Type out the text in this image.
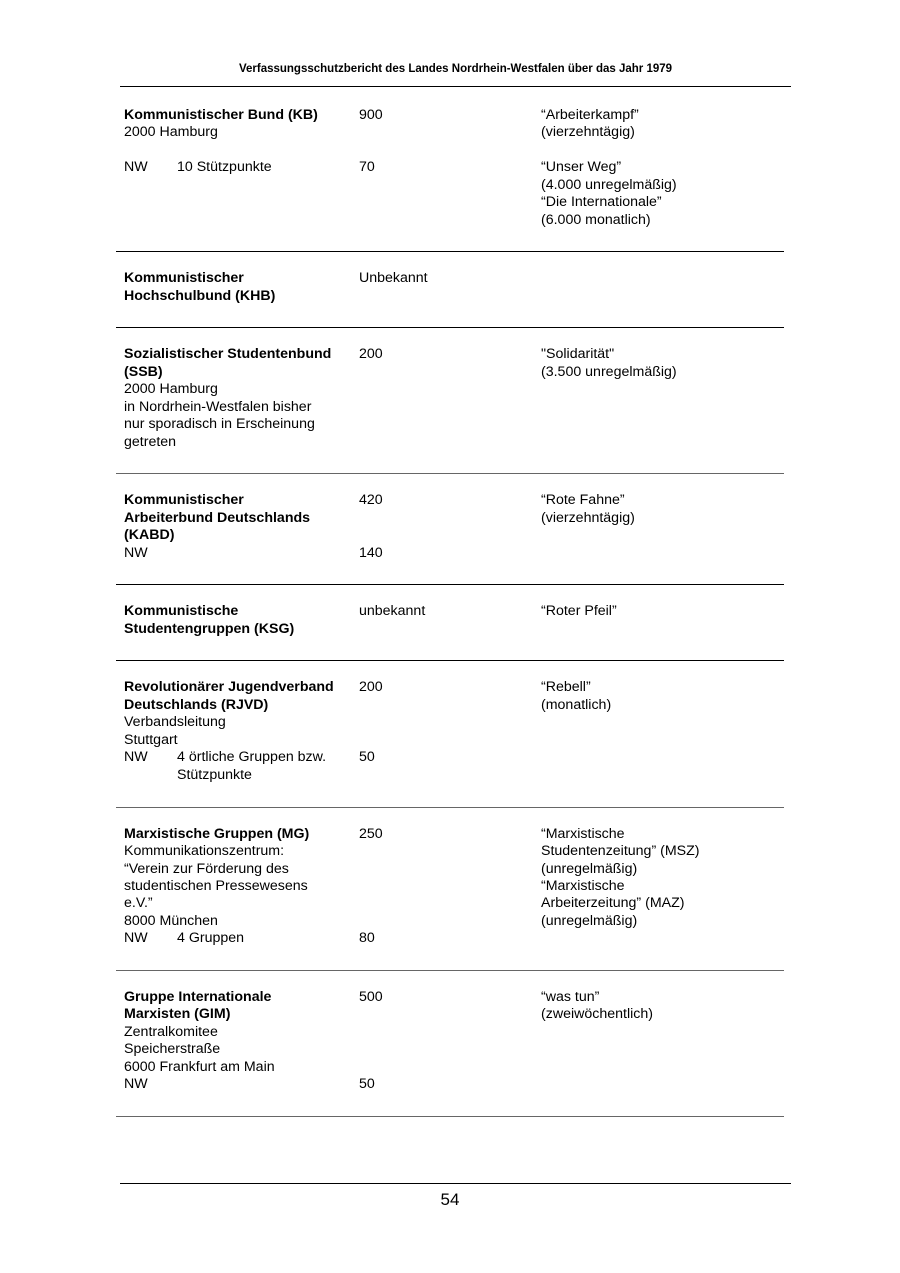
Verfassungsschutzbericht des Landes Nordrhein-Westfalen über das Jahr 1979
Kommunistischer Bund (KB)
2000 Hamburg
900	“Arbeiterkampf”
(vierzehntägig)
NW 10 Stützpunkte	70	“Unser Weg”
(4.000 unregelmäßig)
“Die Internationale”
(6.000 monatlich)
Kommunistischer
Hochschulbund (KHB)
Unbekannt
Sozialistischer Studentenbund
(SSB)
2000 Hamburg
in Nordrhein-Westfalen bisher
nur sporadisch in Erscheinung
getreten
200	"Solidarität"
(3.500 unregelmäßig)
Kommunistischer
Arbeiterbund Deutschlands
(KABD)
420	“Rote Fahne”
(vierzehntägig)
NW	140
Kommunistische
Studentengruppen (KSG)
unbekannt	“Roter Pfeil”
Revolutionärer Jugendverband
Deutschlands (RJVD)
Verbandsleitung
Stuttgart
200	“Rebell”
(monatlich)
NW 4 örtliche Gruppen bzw.
Stützpunkte
50
Marxistische Gruppen (MG)
Kommunikationszentrum:
“Verein zur Förderung des
studentischen Pressewesens
e.V.”
8000 München
250	“Marxistische
Studentenzeitung” (MSZ)
(unregelmäßig)
“Marxistische
Arbeiterzeitung” (MAZ)
(unregelmäßig)
NW 4 Gruppen	80
Gruppe Internationale
Marxisten (GIM)
Zentralkomitee
Speicherstraße
6000 Frankfurt am Main
500	“was tun”
(zweiwöchentlich)
NW	50
54
